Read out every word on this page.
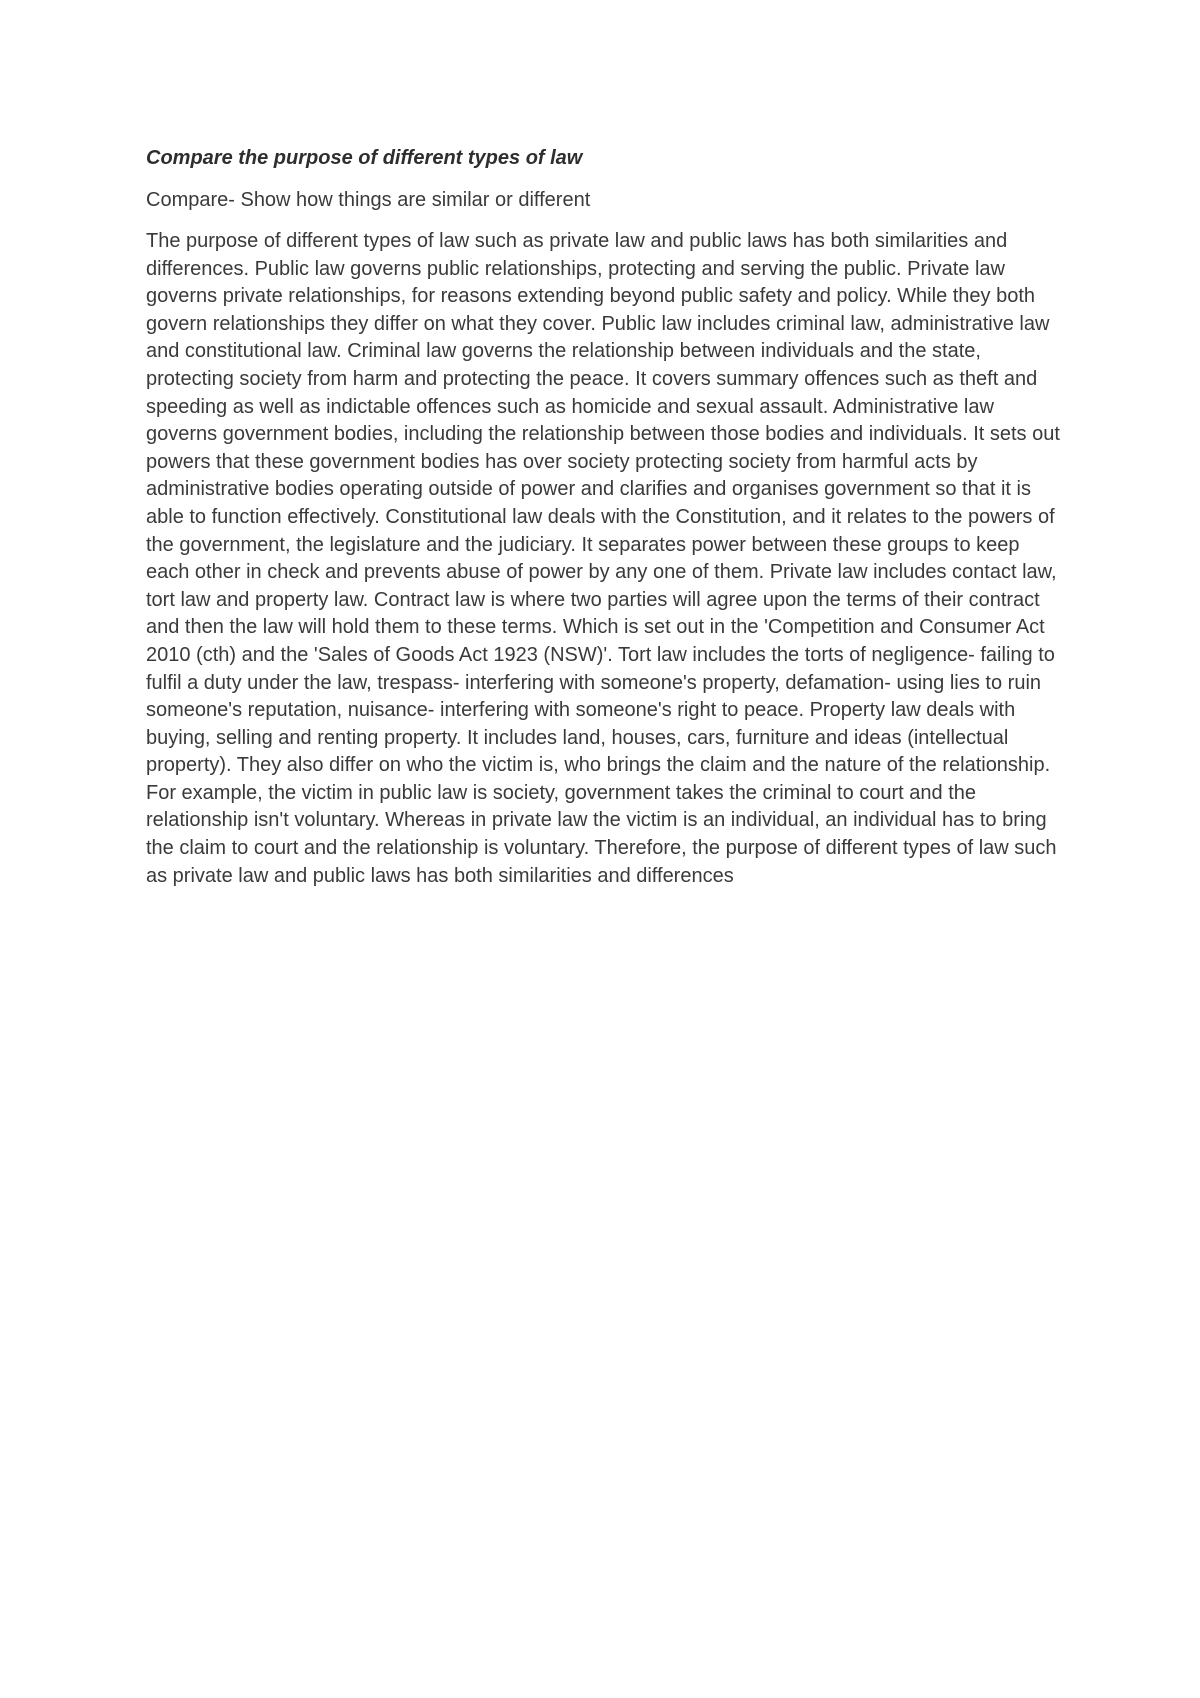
Compare the purpose of different types of law

Compare- Show how things are similar or different

The purpose of different types of law such as private law and public laws has both similarities and differences. Public law governs public relationships, protecting and serving the public. Private law governs private relationships, for reasons extending beyond public safety and policy. While they both govern relationships they differ on what they cover. Public law includes criminal law, administrative law and constitutional law. Criminal law governs the relationship between individuals and the state, protecting society from harm and protecting the peace. It covers summary offences such as theft and speeding as well as indictable offences such as homicide and sexual assault. Administrative law governs government bodies, including the relationship between those bodies and individuals. It sets out powers that these government bodies has over society protecting society from harmful acts by administrative bodies operating outside of power and clarifies and organises government so that it is able to function effectively. Constitutional law deals with the Constitution, and it relates to the powers of the government, the legislature and the judiciary. It separates power between these groups to keep each other in check and prevents abuse of power by any one of them. Private law includes contact law, tort law and property law. Contract law is where two parties will agree upon the terms of their contract and then the law will hold them to these terms. Which is set out in the 'Competition and Consumer Act 2010 (cth) and the 'Sales of Goods Act 1923 (NSW)'. Tort law includes the torts of negligence- failing to fulfil a duty under the law, trespass- interfering with someone's property, defamation- using lies to ruin someone's reputation, nuisance- interfering with someone's right to peace. Property law deals with buying, selling and renting property. It includes land, houses, cars, furniture and ideas (intellectual property). They also differ on who the victim is, who brings the claim and the nature of the relationship. For example, the victim in public law is society, government takes the criminal to court and the relationship isn't voluntary. Whereas in private law the victim is an individual, an individual has to bring the claim to court and the relationship is voluntary. Therefore, the purpose of different types of law such as private law and public laws has both similarities and differences
